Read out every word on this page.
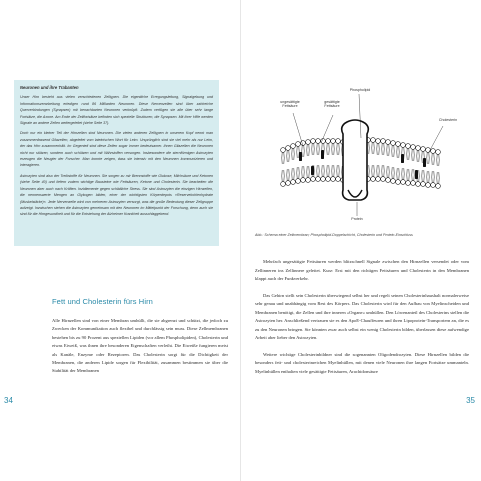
Neuronen und ihre Trabanten

Unser Hirn besteht aus vielen verschiedenen Zelltypen. Die eigentliche Erregungsleitung, Signalgebung und Informationsverarbeitung erledigen rund 86 Milliarden Neuronen. Diese Nervenzellen sind über zahlreiche Querverbindungen (Synapsen) mit benachbarten Neuronen verknüpft. Zudem verfügen sie alle über sehr lange Fortsätze, die Axone. Am Ende der Zellfortsätze befinden sich spezielle Strukturen, die Synapsen. Mit ihrer Hilfe werden Signale an andere Zellen weitergeleitet (siehe Seite 37).

Doch nur ein kleiner Teil der Hirnzellen sind Neuronen. Die vielen anderen Zelltypen in unserem Kopf nennt man zusammenfassend Gliazellen, abgeleitet vom lateinischen Wort für Leim. Ursprünglich sind sie viel mehr als nur Leim, der das Hirn zusammenhält. Im Gegenteil sind diese Zellen sogar immer bedeutsamer. Ihnen Gliazellen die Neuronen nicht nur stützen, sondern auch schützen und mit Nährstoffen versorgen. Insbesondere die sternförmigen Astrozyten erzeugen die Neugier der Forscher. Man konnte zeigen, dass sie intensiv mit den Neuronen kommunizieren und interagieren.

Astrozyten sind also der Treibstoffe für Neuronen. Sie sorgen zu mir Brennstoffe wie Glukose, Milchsäure und Ketonen (siehe Seite 40) und liefern zudem wichtige Bausteine wie Fettsäuren, Ketone und Cholesterin. Sie bearbeiten die Neuronen aber auch nach Kräften. Inzidiemente gegen schädliche Stress. Sie sind Astrozyten die einzigen Hirnzellen, die nennenswerte Mengen an Glykogen bilden, einer der wichtigsten Körperdepots »Reservekohlenhydrate (Muskelstärke)«. Jede Nervenzelle wird von mehreren Astrozyten versorgt, was die große Bedeutung dieser Zellgruppe aufzeigt. Inzwischen stehen die Astrozyten gemeinsam mit den Neuronen im Mittelpunkt der Forschung, denn auch sie sind für die Hirngesundheit und für die Entstehung der Alzheimer Krankheit ausschlaggebend.

Fett und Cholesterin fürs Hirn

Alle Hirnzellen sind von einer Membran umhüllt, die sie abgrenzt und schützt, die jedoch zu Zwecken der Kommunikation auch flexibel und durchlässig sein muss. Diese Zellmembranen bestehen bis zu 90 Prozent aus speziellen Lipiden (vor allem Phospholipiden), Cholesterin und etwas Eiweiß, was ihnen ihre besonderen Eigenschaften verleiht. Die Eiweiße fungieren meist als Kanäle, Enzyme oder Rezeptoren. Das Cholesterin sorgt für die Dichtigkeit der Membranen, die anderen Lipide sorgen für Flexibilität, zusammen bestimmen sie über die Stabilität der Membranen

34
ungesättigte Fettsäure
gesättigte Fettsäure
Phospholipid
Cholesterin
Protein
Abb.: Schema einer Zellmembran; Phospholipid-Doppelschicht, Cholesterin und Protein-Einschluss

Mehrfach ungesättigte Fettsäuren werden blitzschnell Signale zwischen den Hirnzellen versendet oder vom Zellinneren ins Zellinnere geleitet. Kurz: Erst mit den richtigen Fettsäuren und Cholesterin in den Membranen klappt auch der Funkverkehr.

Das Gehirn stellt sein Cholesterin überwiegend selbst her und regelt seinen Cholesterinhaushalt normalerweise sehr genau und unabhängig vom Rest des Körpers. Das Cholesterin wird für den Aufbau von Myelinscheiden und Membranen benötigt, die Zellen und ihre inneren »Organe« umhüllen. Den Löwenanteil des Cholesterins stellen die Astrozyten her. Anschließend vertrauen sie es den ApoE-Chauffeuren und ihren Lipoprotein-Transportern an, die es zu den Neuronen bringen. Sie könnten zwar auch selbst ein wenig Cholesterin bilden, überlassen diese aufwendige Arbeit aber lieber den Astrozyten.

Weitere wichtige Cholesterinbildner sind die sogenannten Oligodendrozyten. Diese Hirnzellen bilden die besonders fett- und cholesterinreichen Myelinhüllen, mit denen viele Neuronen ihre langen Fortsätze ummanteln. Myelinhüllen enthalten viele gesättigte Fettsäuren, Arachidonsäure

35
